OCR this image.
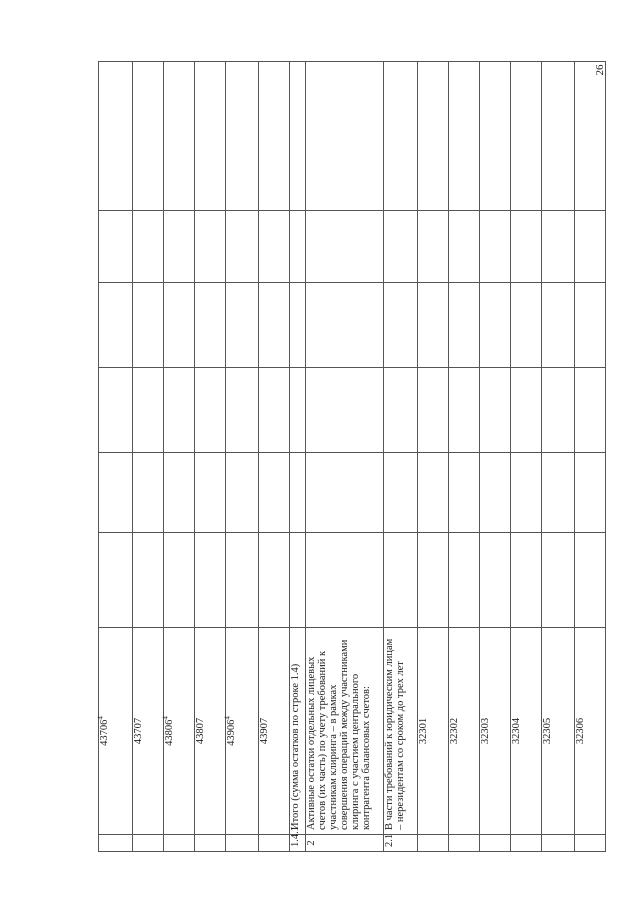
26
	43706$^4$						
	43707						
	43806$^4$						
	43807						
	43906$^4$						
	43907						
1.4.1	Итого (сумма остатков по строке 1.4)						
2	Активные остатки отдельных лицевых счетов (их часть) по учету требований к участникам клиринга – в рамках совершения операций между участниками клиринга с участием центрального контрагента балансовых счетов:						
2.1	В части требований к юридическим лицам – нерезидентам со сроком до трех лет						
	32301						
	32302						
	32303						
	32304						
	32305						
	32306						
